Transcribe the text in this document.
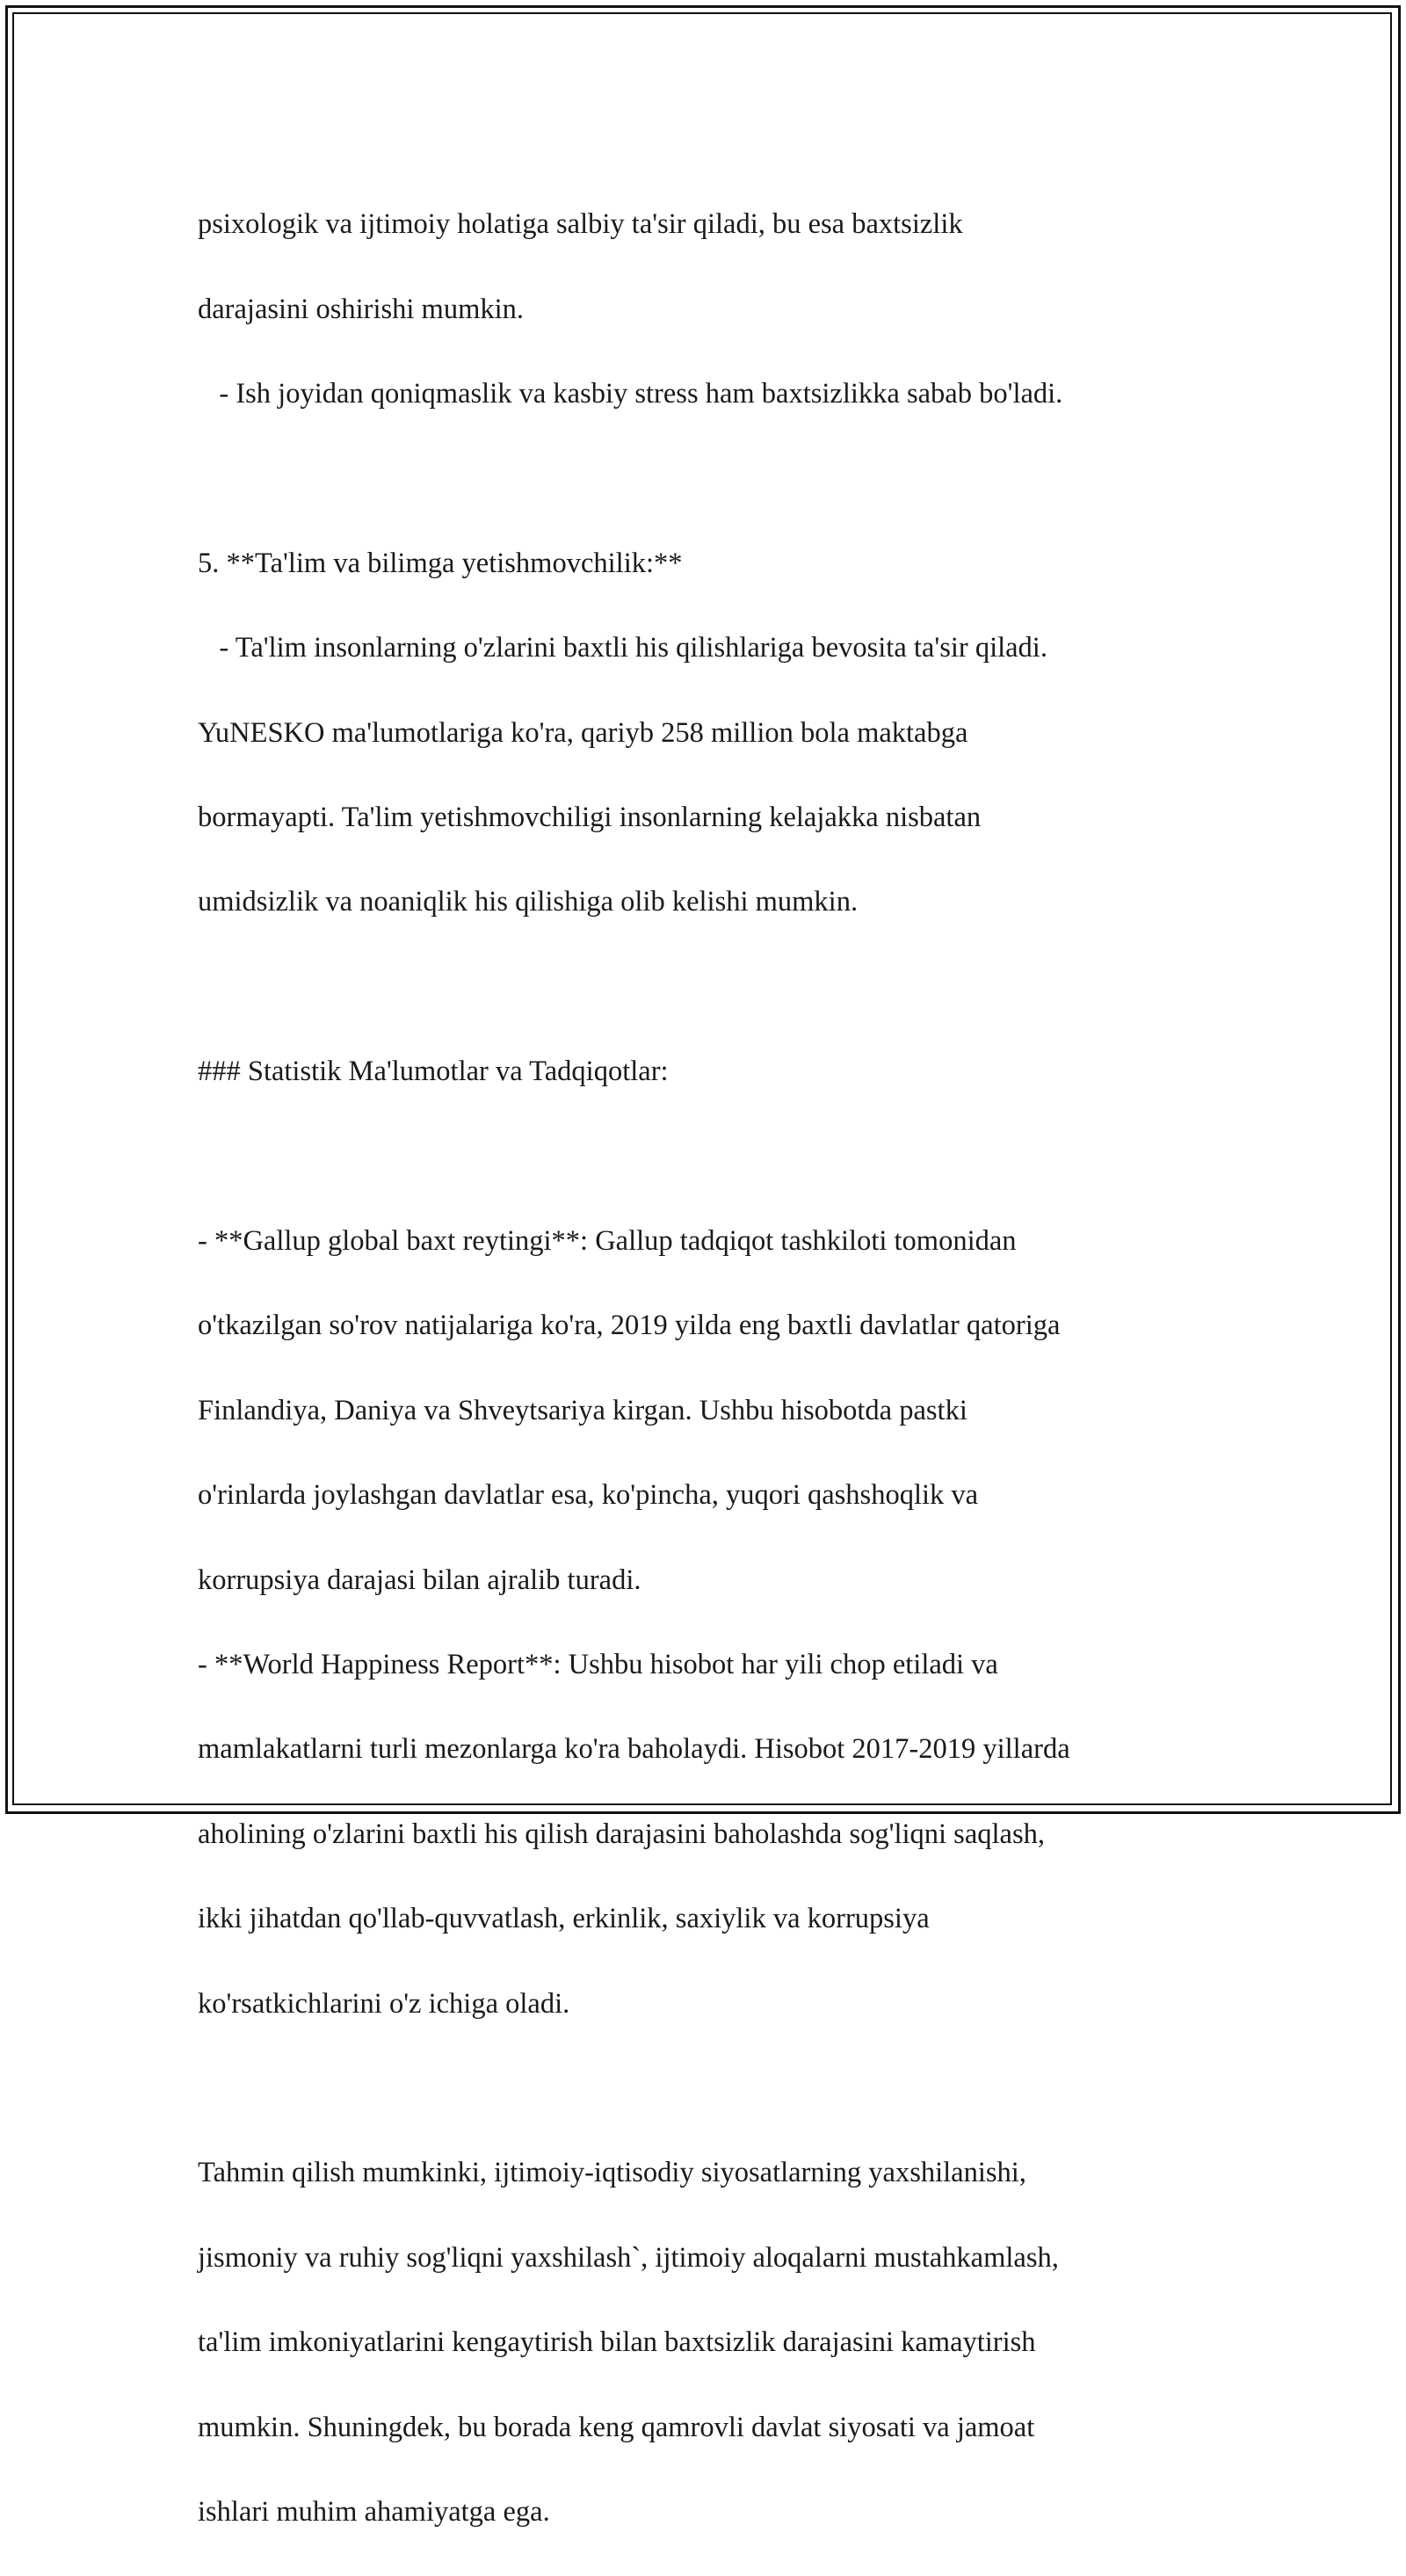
psixologik va ijtimoiy holatiga salbiy ta'sir qiladi, bu esa baxtsizlik

darajasini oshirishi mumkin.

- Ish joyidan qoniqmaslik va kasbiy stress ham baxtsizlikka sabab bo'ladi.

5. **Ta'lim va bilimga yetishmovchilik:**

- Ta'lim insonlarning o'zlarini baxtli his qilishlariga bevosita ta'sir qiladi.

YuNESKO ma'lumotlariga ko'ra, qariyb 258 million bola maktabga

bormayapti. Ta'lim yetishmovchiligi insonlarning kelajakka nisbatan

umidsizlik va noaniqlik his qilishiga olib kelishi mumkin.

### Statistik Ma'lumotlar va Tadqiqotlar:

- **Gallup global baxt reytingi**: Gallup tadqiqot tashkiloti tomonidan

o'tkazilgan so'rov natijalariga ko'ra, 2019 yilda eng baxtli davlatlar qatoriga

Finlandiya, Daniya va Shveytsariya kirgan. Ushbu hisobotda pastki

o'rinlarda joylashgan davlatlar esa, ko'pincha, yuqori qashshoqlik va

korrupsiya darajasi bilan ajralib turadi.

- **World Happiness Report**: Ushbu hisobot har yili chop etiladi va

mamlakatlarni turli mezonlarga ko'ra baholaydi. Hisobot 2017-2019 yillarda

aholining o'zlarini baxtli his qilish darajasini baholashda sog'liqni saqlash,

ikki jihatdan qo'llab-quvvatlash, erkinlik, saxiylik va korrupsiya

ko'rsatkichlarini o'z ichiga oladi.

Tahmin qilish mumkinki, ijtimoiy-iqtisodiy siyosatlarning yaxshilanishi,

jismoniy va ruhiy sog'liqni yaxshilash`, ijtimoiy aloqalarni mustahkamlash,

ta'lim imkoniyatlarini kengaytirish bilan baxtsizlik darajasini kamaytirish

mumkin. Shuningdek, bu borada keng qamrovli davlat siyosati va jamoat

ishlari muhim ahamiyatga ega.
